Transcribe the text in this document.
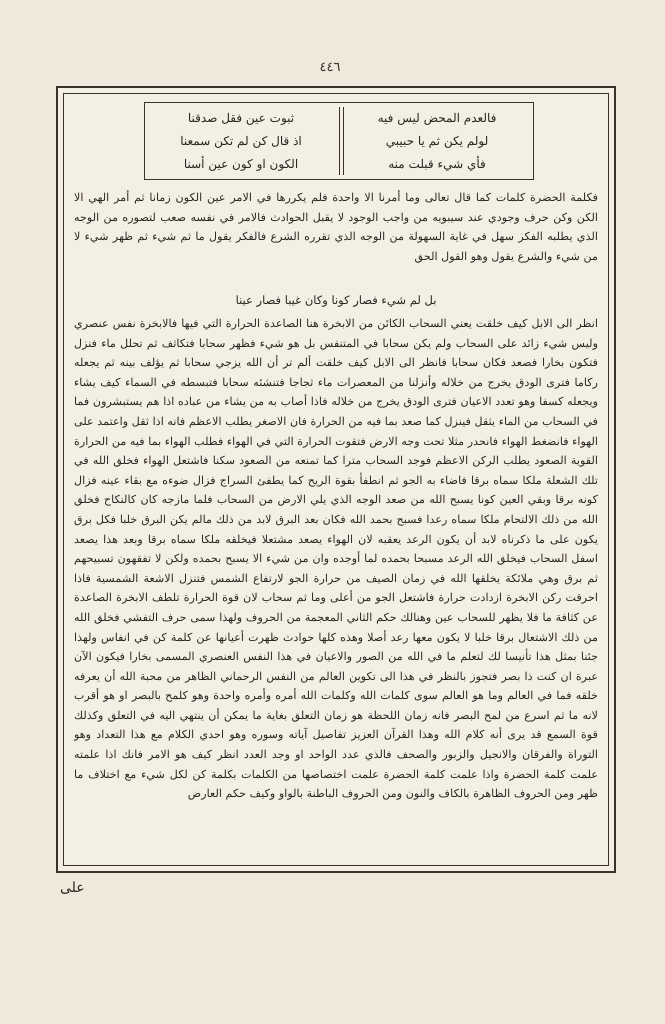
٤٤٦
فالعدم المحض ليس فيه
لولم يكن ثم يا حبيبي
فأي شيء قبلت منه
ثبوت عين فقل صدقنا
اذ قال كن لم تكن سمعنا
الكون او كون عين أسنا
فكلمة الحضرة كلمات كما قال تعالى وما أمرنا الا واحدة فلم يكررها في الامر عين الكون زمانا ثم أمر الهي الا الكن وكن حرف وجودي عند سيبويه من واجب الوجود لا يقبل الحوادث فالامر في نفسه صعب لتصوره من الوجه الذي يطلبه الفكر سهل في غاية السهولة من الوجه الذي تقرره الشرع فالفكر يقول ما ثم شيء ثم ظهر شيء لا من شيء والشرع يقول وهو القول الحق
بل لم شيء فصار كونا وكان غيبا فصار عينا
انظر الى الابل كيف خلقت يعني السحاب الكائن من الابخرة هنا الصاعدة الحرارة التي فيها فالابخرة نفس عنصري وليس شيء زائد على السحاب ولم يكن سحابا في المتنفس بل هو شيء فظهر سحابا فتكاثف ثم تحلل ماء فنزل فتكون بخارا فصعد فكان سحابا فانظر الى الابل كيف خلقت ألم تر أن الله يزجي سحابا ثم يؤلف بينه ثم يجعله ركاما فترى الودق يخرج من خلاله وأنزلنا من المعصرات ماء ثجاجا فتنشئه سحابا فتبسطه في السماء كيف يشاء ويجعله كسفا وهو تعدد الاعيان فترى الودق يخرج من خلاله فاذا أصاب به من يشاء من عباده اذا هم يستبشرون فما في السحاب من الماء يثقل فينزل كما صعد بما فيه من الحرارة فان الاصغر يطلب الاعظم فانه اذا ثقل واعتمد على الهواء فانضغط الهواء فانحدر مثلا تحت وجه الارض فتقوت الحرارة التي في الهواء فطلب الهواء بما فيه من الحرارة القوية الصعود يطلب الركن الاعظم فوجد السحاب مترا كما تمنعه من الصعود سكنا فاشتعل الهواء فخلق الله في تلك الشعلة ملكا سماه برقا فاضاء به الجو ثم انطفأ بقوة الريح كما يطفئ السراج فزال ضوءه مع بقاء عينه فزال كونه برقا وبقي العين كونا يسبح الله من صعد الوجه الذي يلي الارض من السحاب فلما مازجه كان كالنكاح فخلق الله من ذلك الالتحام ملكا سماه رعدا فسبح بحمد الله فكان بعد البرق لابد من ذلك مالم يكن البرق خلبا فكل برق يكون على ما ذكرناه لابد أن يكون الرعد يعقبه لان الهواء يصعد مشتعلا فيخلقه ملكا سماه برقا وبعد هذا يصعد اسفل السحاب فيخلق الله الرعد مسبحا بحمده لما أوجده وان من شيء الا يسبح بحمده ولكن لا تفقهون تسبيحهم ثم برق وهي ملائكة يخلقها الله في زمان الصيف من حرارة الجو لارتفاع الشمس فتنزل الاشعة الشمسية فاذا احرقت ركن الابخرة ازدادت حرارة فاشتعل الجو من أعلى وما ثم سحاب لان قوة الحرارة تلطف الابخرة الصاعدة عن كثافة ما فلا يظهر للسحاب عين وهنالك حكم الثاني المعجمة من الحروف ولهذا سمى حرف التفشي فخلق الله من ذلك الاشتعال برقا خلبا لا يكون معها رعد أصلا وهذه كلها حوادث ظهرت أعيانها عن كلمة كن في انفاس ولهذا جئنا بمثل هذا تأنيسا لك لتعلم ما في الله من الصور والاعيان في هذا النفس العنصري المسمى بخارا فيكون الآن عبرة ان كنت ذا بصر فتجوز بالنظر في هذا الى تكوين العالم من النفس الرحماني الظاهر من محبة الله أن يعرفه خلقه فما في العالم وما هو العالم سوى كلمات الله وكلمات الله أمره وأمره واحدة وهو كلمح بالبصر او هو أقرب لانه ما ثم اسرع من لمح البصر فانه زمان اللحظة هو زمان التعلق بغاية ما يمكن أن ينتهي اليه في التعلق وكذلك قوة السمع قد يرى أنه كلام الله وهذا القرآن العزيز تفاصيل آياته وسوره وهو احدي الكلام مع هذا التعداد وهو التوراة والفرقان والانجيل والزبور والصحف فالذي عدد الواحد او وجد العدد انظر كيف هو الامر فانك اذا علمته علمت كلمة الحضرة واذا علمت كلمة الحضرة علمت اختصاصها من الكلمات بكلمة كن لكل شيء مع اختلاف ما ظهر ومن الحروف الظاهرة بالكاف والنون ومن الحروف الباطنة بالواو وكيف حكم العارض
على
